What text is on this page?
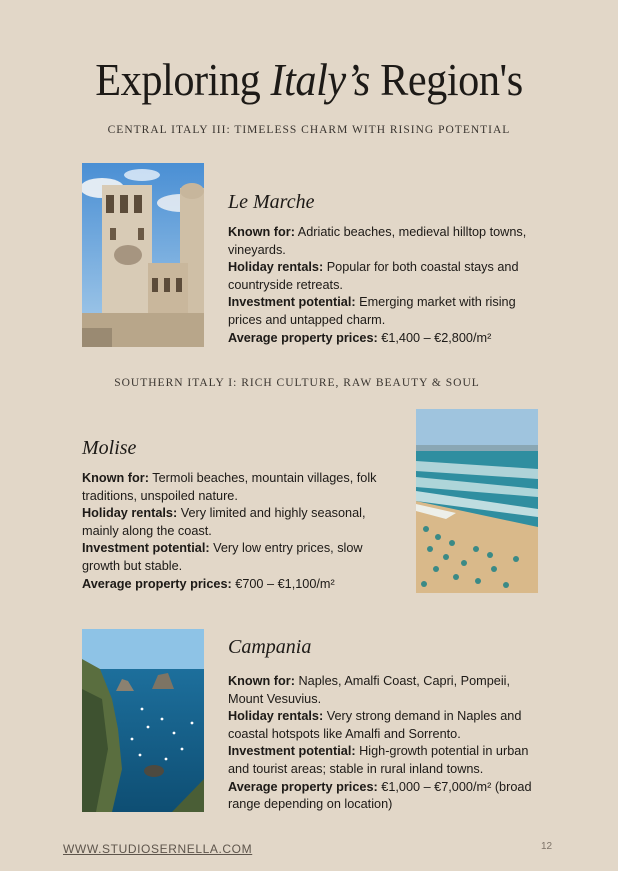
Exploring Italy’s Region's
CENTRAL ITALY III: TIMELESS CHARM WITH RISING POTENTIAL
Le Marche

Known for: Adriatic beaches, medieval hilltop towns, vineyards.

Holiday rentals: Popular for both coastal stays and countryside retreats.

Investment potential: Emerging market with rising prices and untapped charm.

Average property prices: €1,400 – €2,800/m²

SOUTHERN ITALY I: RICH CULTURE, RAW BEAUTY & SOUL
Molise

Known for: Termoli beaches, mountain villages, folk traditions, unspoiled nature.

Holiday rentals: Very limited and highly seasonal, mainly along the coast.

Investment potential: Very low entry prices, slow growth but stable.

Average property prices: €700 – €1,100/m²

Campania

Known for: Naples, Amalfi Coast, Capri, Pompeii, Mount Vesuvius.

Holiday rentals: Very strong demand in Naples and coastal hotspots like Amalfi and Sorrento.

Investment potential: High-growth potential in urban and tourist areas; stable in rural inland towns.

Average property prices: €1,000 – €7,000/m² (broad range depending on location)

WWW.STUDIOSERNELLA.COM	12
